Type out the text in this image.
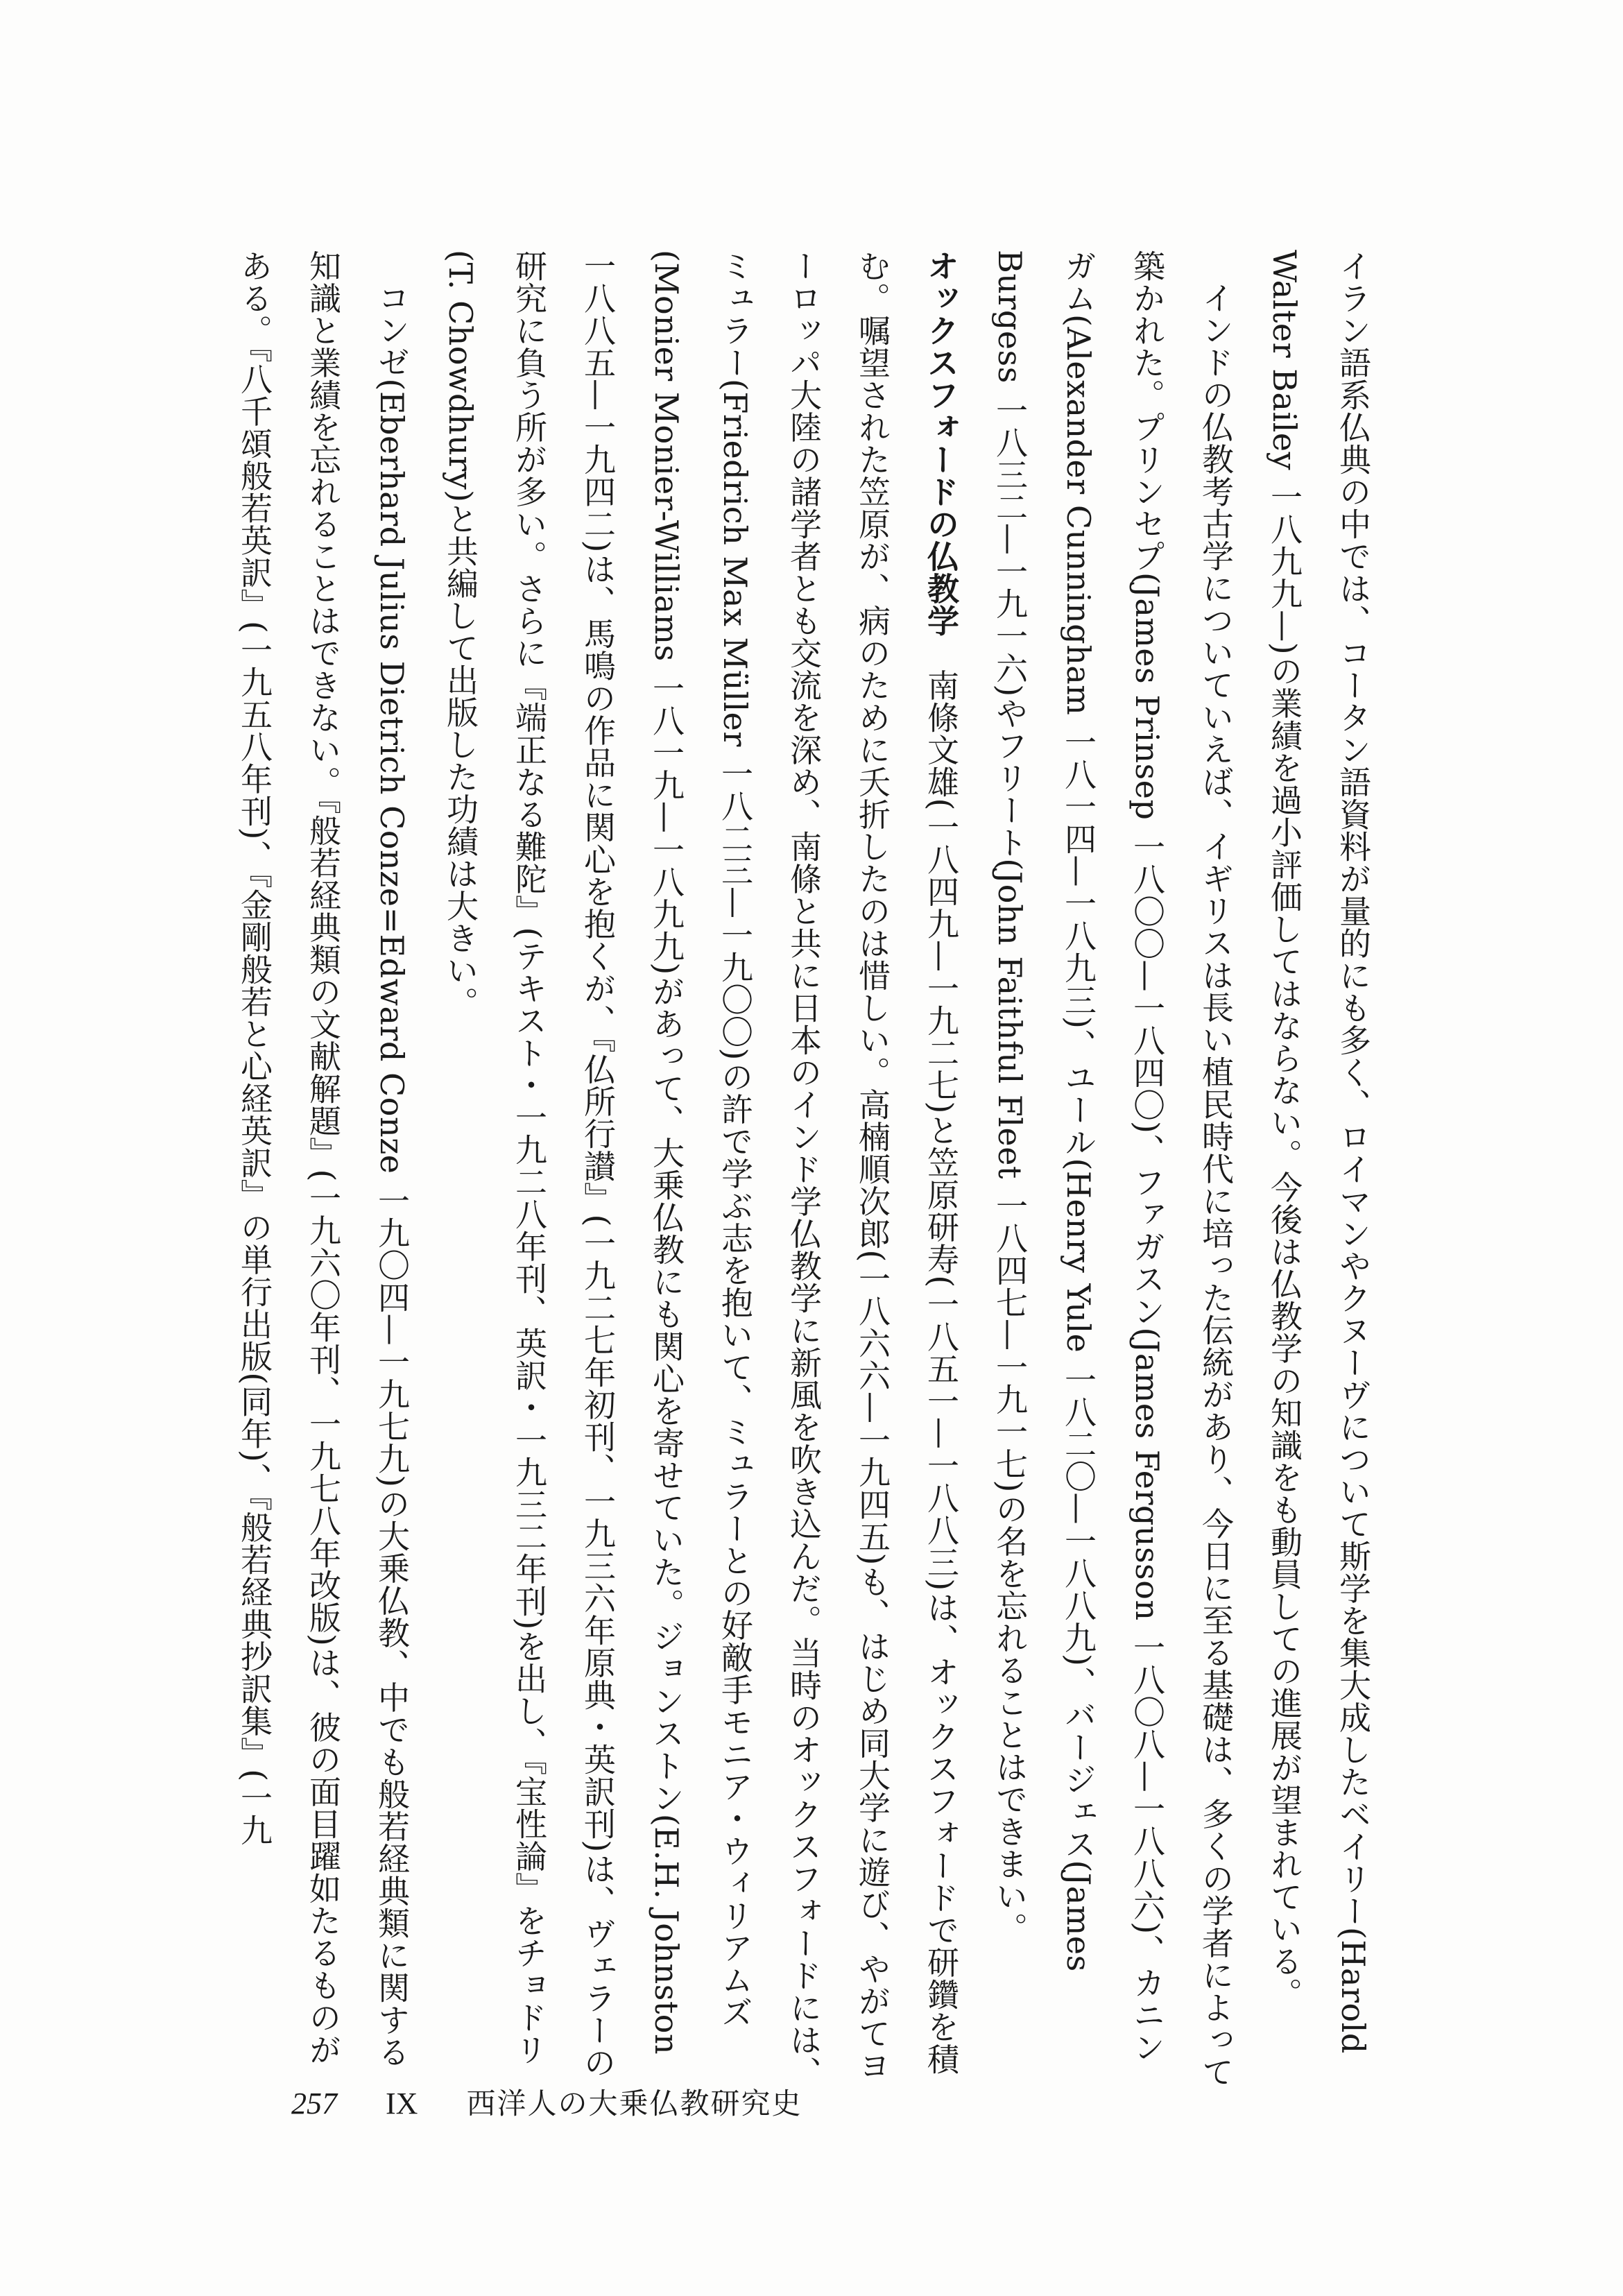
イラン語系仏典の中では、コータン語資料が量的にも多く、ロイマンやクヌーヴについて斯学を集大成したベイリー(Harold Walter Bailey 一八九九—)の業績を過小評価してはならない。今後は仏教学の知識をも動員しての進展が望まれている。

インドの仏教考古学についていえば、イギリスは長い植民時代に培った伝統があり、今日に至る基礎は、多くの学者によって築かれた。プリンセプ(James Prinsep 一八〇〇—一八四〇)、ファガスン(James Fergusson 一八〇八—一八八六)、カニンガム(Alexander Cunningham 一八一四—一八九三)、ユール(Henry Yule 一八二〇—一八八九)、バージェス(James Burgess 一八三二—一九一六)やフリート(John Faithful Fleet 一八四七—一九一七)の名を忘れることはできまい。

オックスフォードの仏教学　南條文雄(一八四九—一九二七)と笠原研寿(一八五一—一八八三)は、オックスフォードで研鑽を積む。嘱望された笠原が、病のために夭折したのは惜しい。高楠順次郎(一八六六—一九四五)も、はじめ同大学に遊び、やがてヨーロッパ大陸の諸学者とも交流を深め、南條と共に日本のインド学仏教学に新風を吹き込んだ。当時のオックスフォードには、ミュラー(Friedrich Max Müller 一八二三—一九〇〇)の許で学ぶ志を抱いて、ミュラーとの好敵手モニア・ウィリアムズ(Monier Monier-Williams 一八一九—一八九九)があって、大乗仏教にも関心を寄せていた。ジョンストン(E.H. Johnston 一八八五—一九四二)は、馬鳴の作品に関心を抱くが、『仏所行讃』(一九二七年初刊、一九三六年原典・英訳刊)は、ヴェラーの研究に負う所が多い。さらに『端正なる難陀』(テキスト・一九二八年刊、英訳・一九三二年刊)を出し、『宝性論』をチョドリ(T. Chowdhury)と共編して出版した功績は大きい。

コンゼ(Eberhard Julius Dietrich Conze=Edward Conze 一九〇四—一九七九)の大乗仏教、中でも般若経典類に関する知識と業績を忘れることはできない。『般若経典類の文献解題』(一九六〇年刊、一九七八年改版)は、彼の面目躍如たるものがある。『八千頌般若英訳』(一九五八年刊)、『金剛般若と心経英訳』の単行出版(同年)、『般若経典抄訳集』(一九

257 IX 西洋人の大乗仏教研究史
